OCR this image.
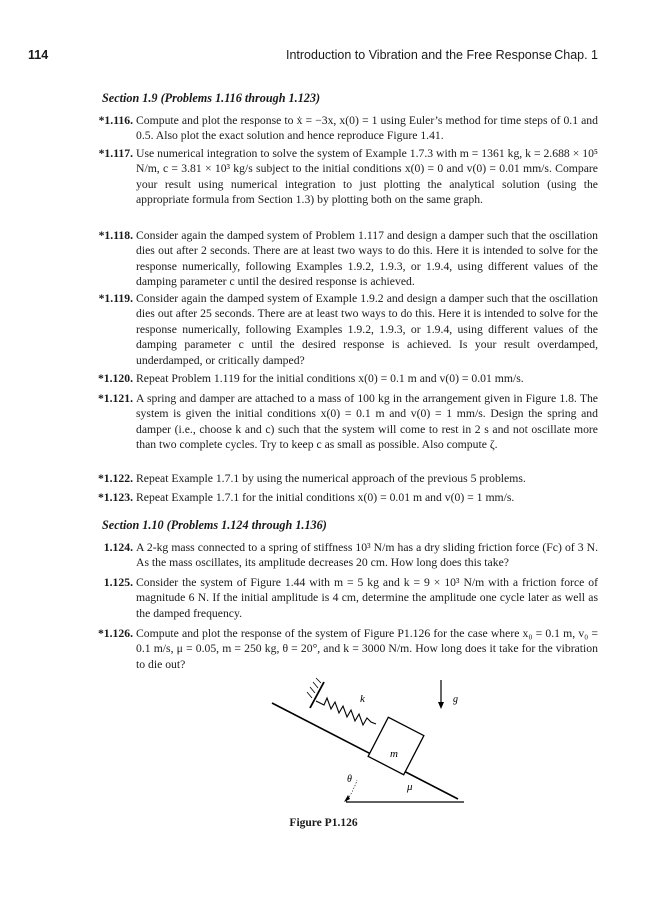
114	Introduction to Vibration and the Free Response Chap. 1
Section 1.9 (Problems 1.116 through 1.123)
*1.116. Compute and plot the response to ẋ = −3x, x(0) = 1 using Euler’s method for time steps of 0.1 and 0.5. Also plot the exact solution and hence reproduce Figure 1.41.
*1.117. Use numerical integration to solve the system of Example 1.7.3 with m = 1361 kg, k = 2.688 × 10⁵ N/m, c = 3.81 × 10³ kg/s subject to the initial conditions x(0) = 0 and v(0) = 0.01 mm/s. Compare your result using numerical integration to just plotting the analytical solution (using the appropriate formula from Section 1.3) by plotting both on the same graph.
*1.118. Consider again the damped system of Problem 1.117 and design a damper such that the oscillation dies out after 2 seconds. There are at least two ways to do this. Here it is intended to solve for the response numerically, following Examples 1.9.2, 1.9.3, or 1.9.4, using different values of the damping parameter c until the desired response is achieved.
*1.119. Consider again the damped system of Example 1.9.2 and design a damper such that the oscillation dies out after 25 seconds. There are at least two ways to do this. Here it is intended to solve for the response numerically, following Examples 1.9.2, 1.9.3, or 1.9.4, using different values of the damping parameter c until the desired response is achieved. Is your result overdamped, underdamped, or critically damped?
*1.120. Repeat Problem 1.119 for the initial conditions x(0) = 0.1 m and v(0) = 0.01 mm/s.
*1.121. A spring and damper are attached to a mass of 100 kg in the arrangement given in Figure 1.8. The system is given the initial conditions x(0) = 0.1 m and v(0) = 1 mm/s. Design the spring and damper (i.e., choose k and c) such that the system will come to rest in 2 s and not oscillate more than two complete cycles. Try to keep c as small as possible. Also compute ζ.
*1.122. Repeat Example 1.7.1 by using the numerical approach of the previous 5 problems.
*1.123. Repeat Example 1.7.1 for the initial conditions x(0) = 0.01 m and v(0) = 1 mm/s.
Section 1.10 (Problems 1.124 through 1.136)
1.124. A 2-kg mass connected to a spring of stiffness 10³ N/m has a dry sliding friction force (Fc) of 3 N. As the mass oscillates, its amplitude decreases 20 cm. How long does this take?
1.125. Consider the system of Figure 1.44 with m = 5 kg and k = 9 × 10³ N/m with a friction force of magnitude 6 N. If the initial amplitude is 4 cm, determine the amplitude one cycle later as well as the damped frequency.
*1.126. Compute and plot the response of the system of Figure P1.126 for the case where x₀ = 0.1 m, v₀ = 0.1 m/s, μ = 0.05, m = 250 kg, θ = 20°, and k = 3000 N/m. How long does it take for the vibration to die out?
k
m
μ
θ
g
Figure P1.126
